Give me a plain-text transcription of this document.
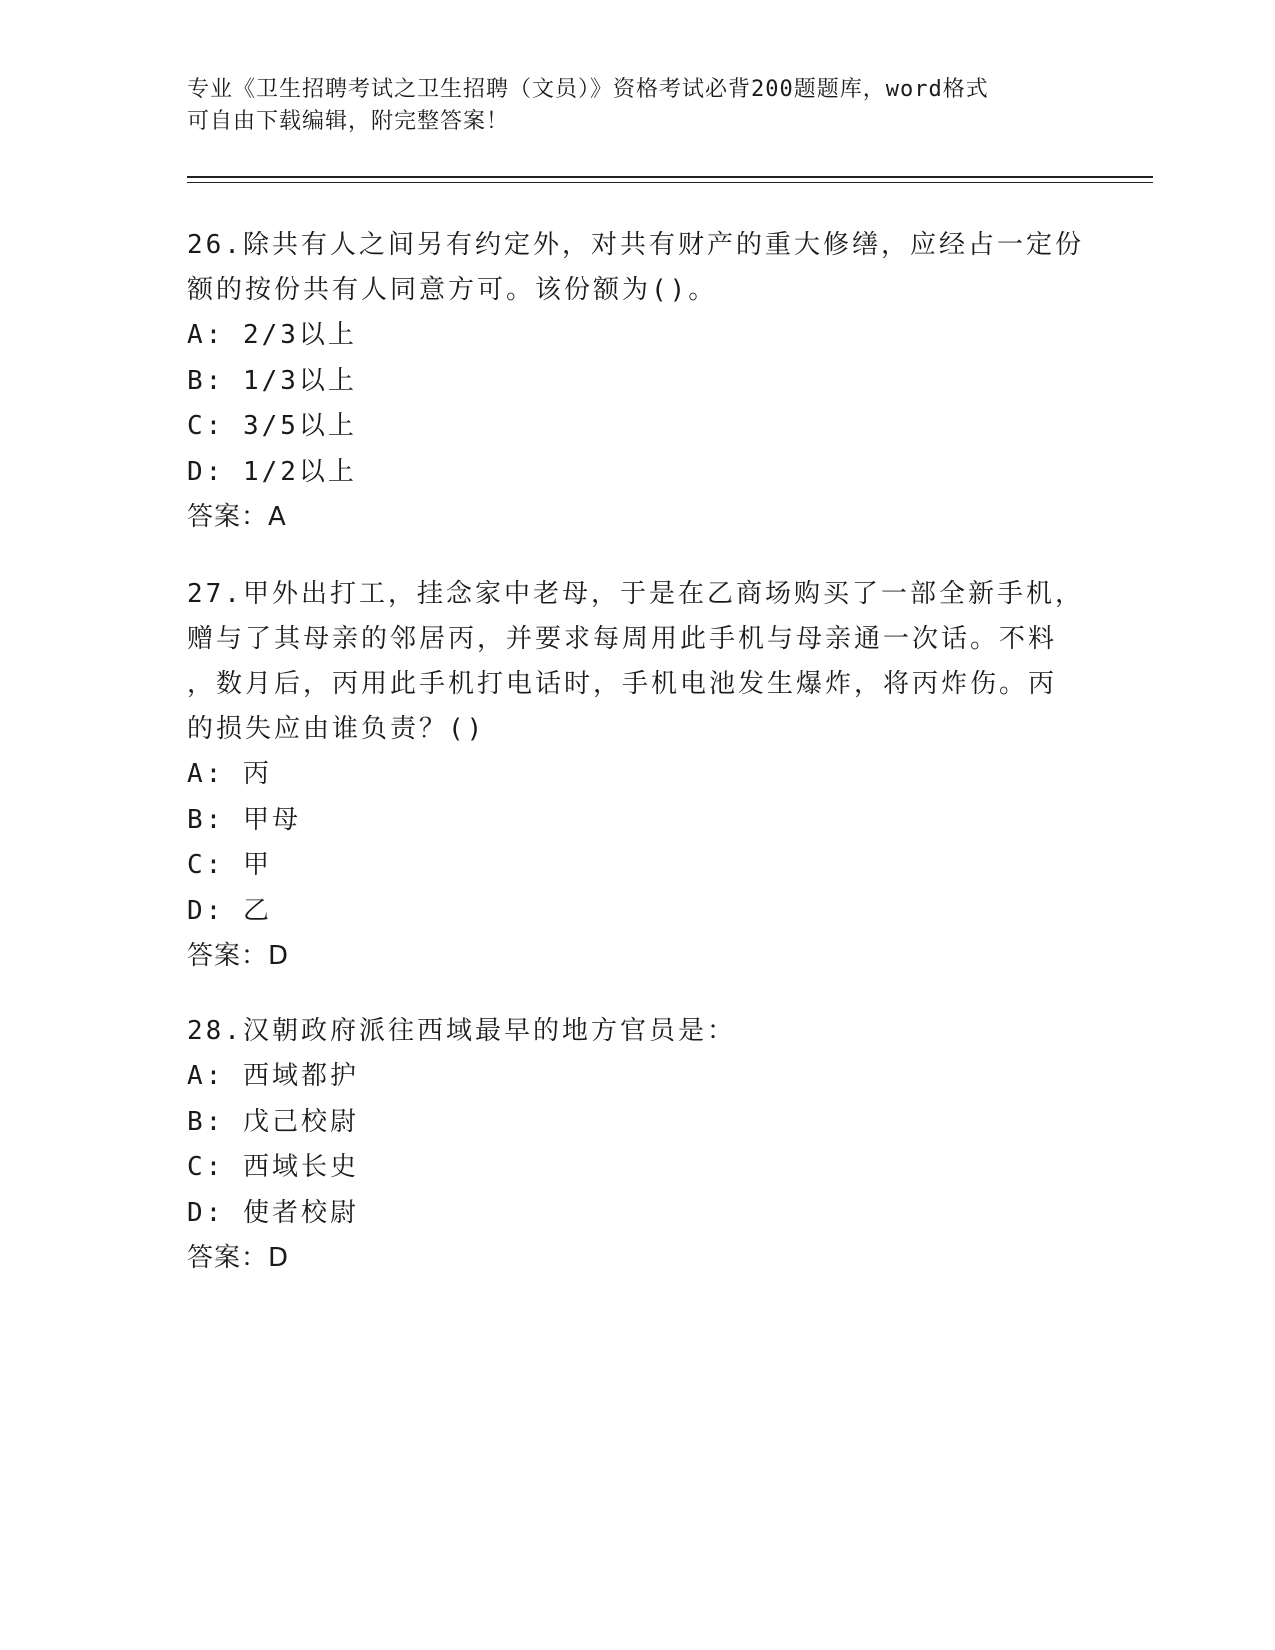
专业《卫生招聘考试之卫生招聘（文员）》资格考试必背200题题库，word格式
可自由下载编辑，附完整答案！
26.除共有人之间另有约定外，对共有财产的重大修缮，应经占一定份
额的按份共有人同意方可。该份额为()。
A: 2/3以上
B: 1/3以上
C: 3/5以上
D: 1/2以上
答案：A
27.甲外出打工，挂念家中老母，于是在乙商场购买了一部全新手机，
赠与了其母亲的邻居丙，并要求每周用此手机与母亲通一次话。不料
，数月后，丙用此手机打电话时，手机电池发生爆炸，将丙炸伤。丙
的损失应由谁负责？()
A: 丙
B: 甲母
C: 甲
D: 乙
答案：D
28.汉朝政府派往西域最早的地方官员是：
A: 西域都护
B: 戊己校尉
C: 西域长史
D: 使者校尉
答案：D
